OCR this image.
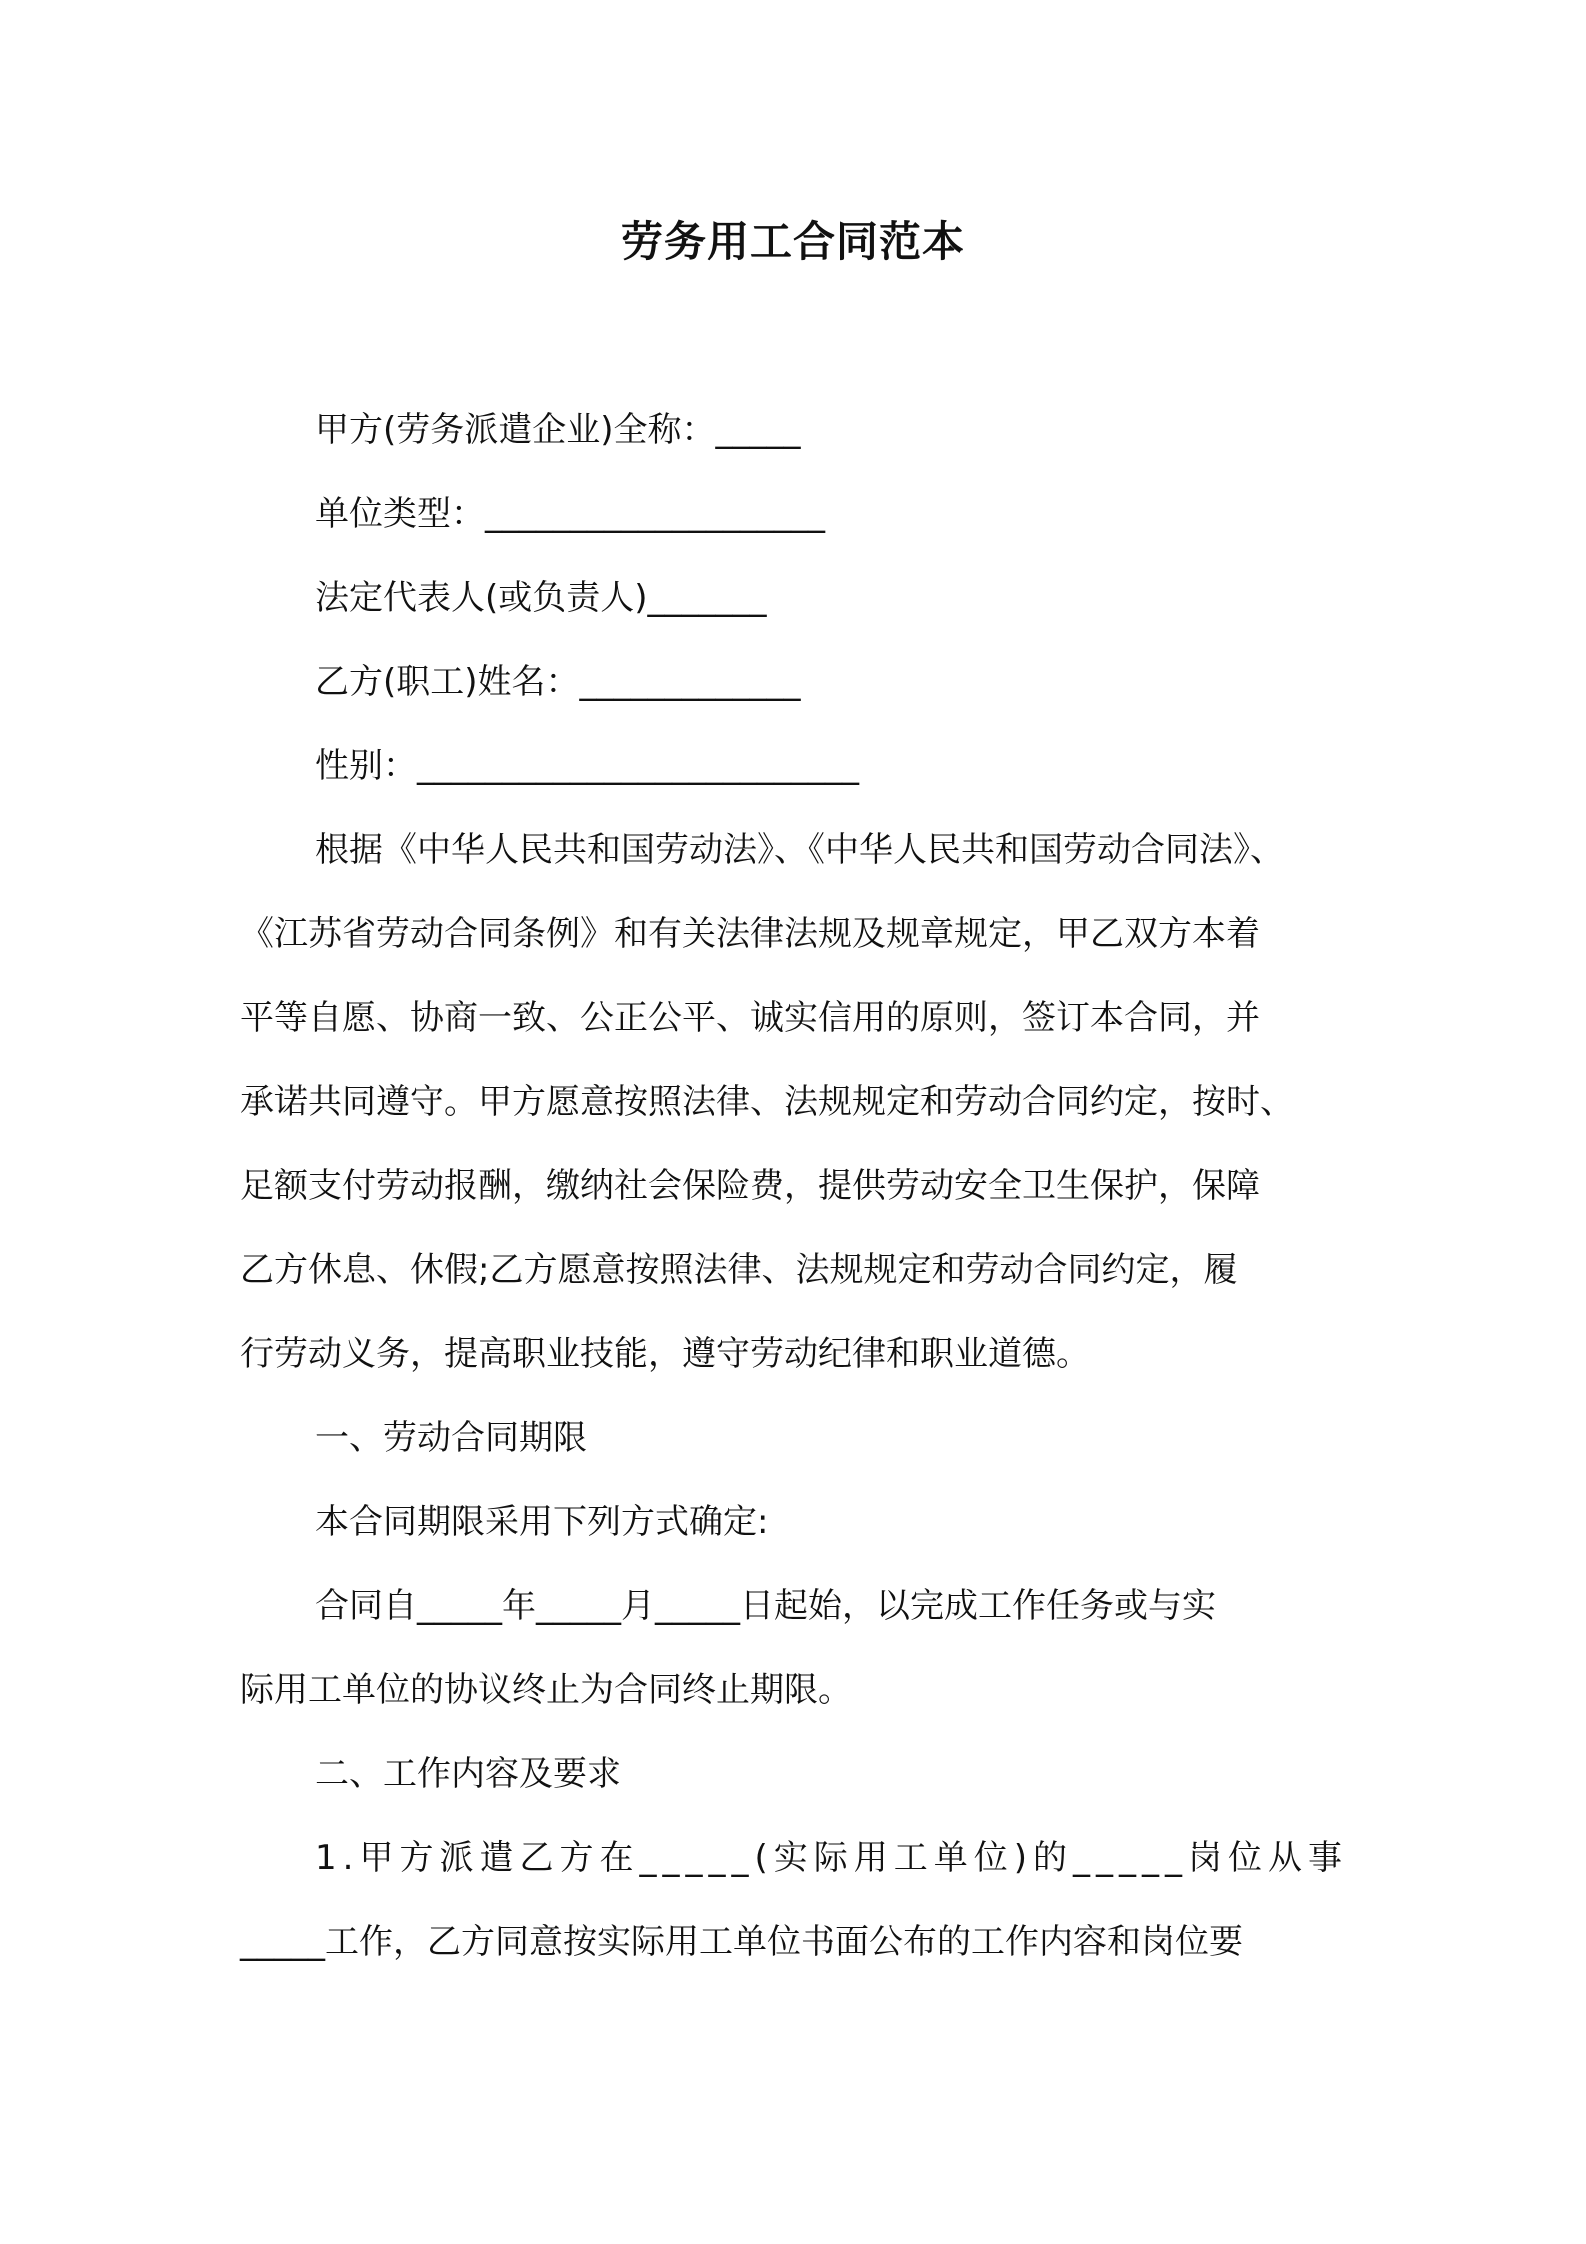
劳务用工合同范本

甲方(劳务派遣企业)全称：_____

单位类型：____________________

法定代表人(或负责人)_______

乙方(职工)姓名：_____________

性别：__________________________

根据《中华人民共和国劳动法》、《中华人民共和国劳动合同法》、

《江苏省劳动合同条例》和有关法律法规及规章规定，甲乙双方本着

平等自愿、协商一致、公正公平、诚实信用的原则，签订本合同，并

承诺共同遵守。甲方愿意按照法律、法规规定和劳动合同约定，按时、

足额支付劳动报酬，缴纳社会保险费，提供劳动安全卫生保护，保障

乙方休息、休假;乙方愿意按照法律、法规规定和劳动合同约定，履

行劳动义务，提高职业技能，遵守劳动纪律和职业道德。

一、劳动合同期限

本合同期限采用下列方式确定:

合同自_____年_____月_____日起始，以完成工作任务或与实

际用工单位的协议终止为合同终止期限。

二、工作内容及要求

1.甲方派遣乙方在_____(实际用工单位)的_____岗位从事

_____工作，乙方同意按实际用工单位书面公布的工作内容和岗位要
